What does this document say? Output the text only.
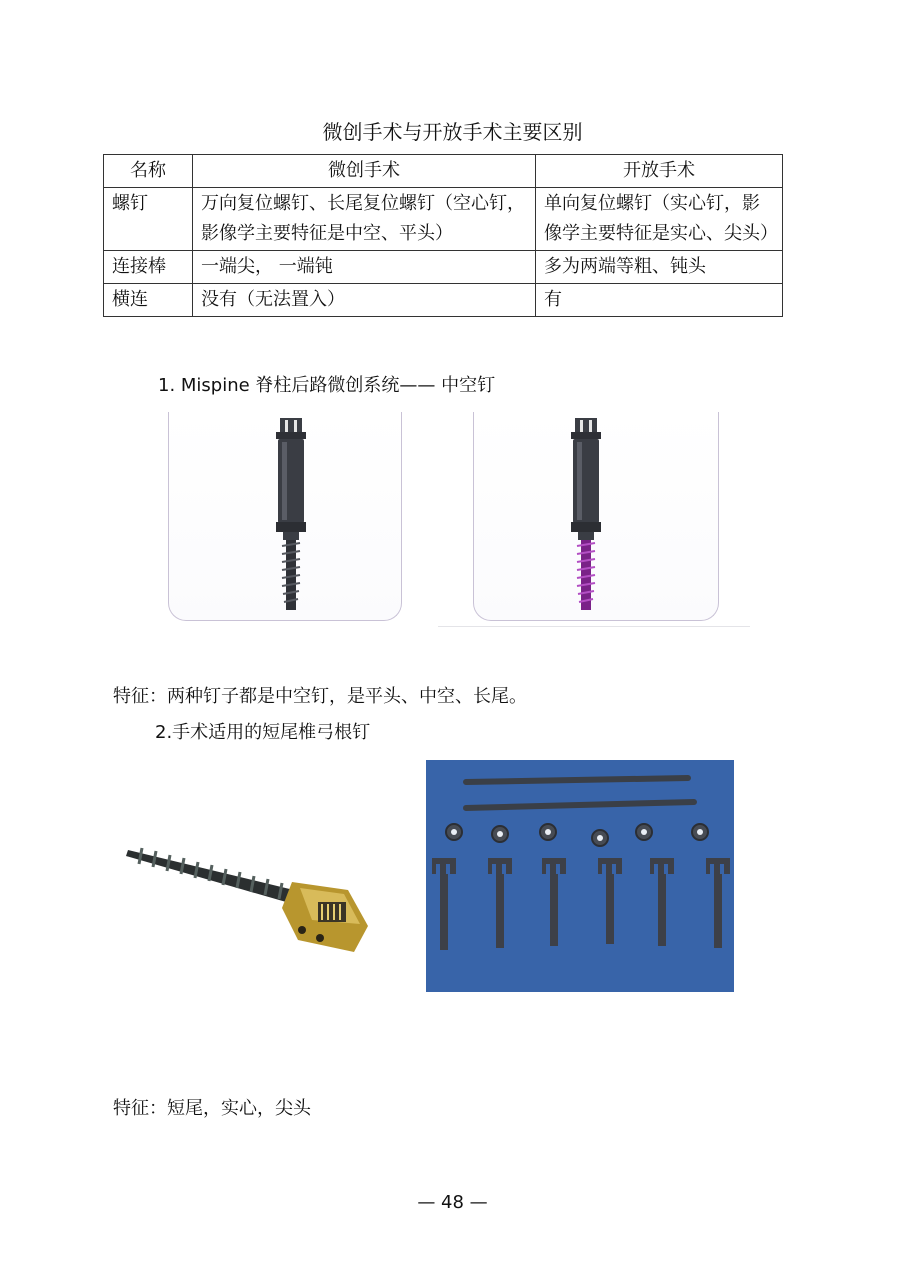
微创手术与开放手术主要区别
名称	微创手术	开放手术
螺钉	万向复位螺钉、长尾复位螺钉（空心钉， 影像学主要特征是中空、平头）	单向复位螺钉（实心钉，影像学主要特征是实心、尖头）
连接棒	一端尖， 一端钝	多为两端等粗、钝头
横连	没有（无法置入）	有
1. Mispine 脊柱后路微创系统—— 中空钉
特征：两种钉子都是中空钉，是平头、中空、长尾。
2.手术适用的短尾椎弓根钉
特征：短尾，实心，尖头
— 48 —
